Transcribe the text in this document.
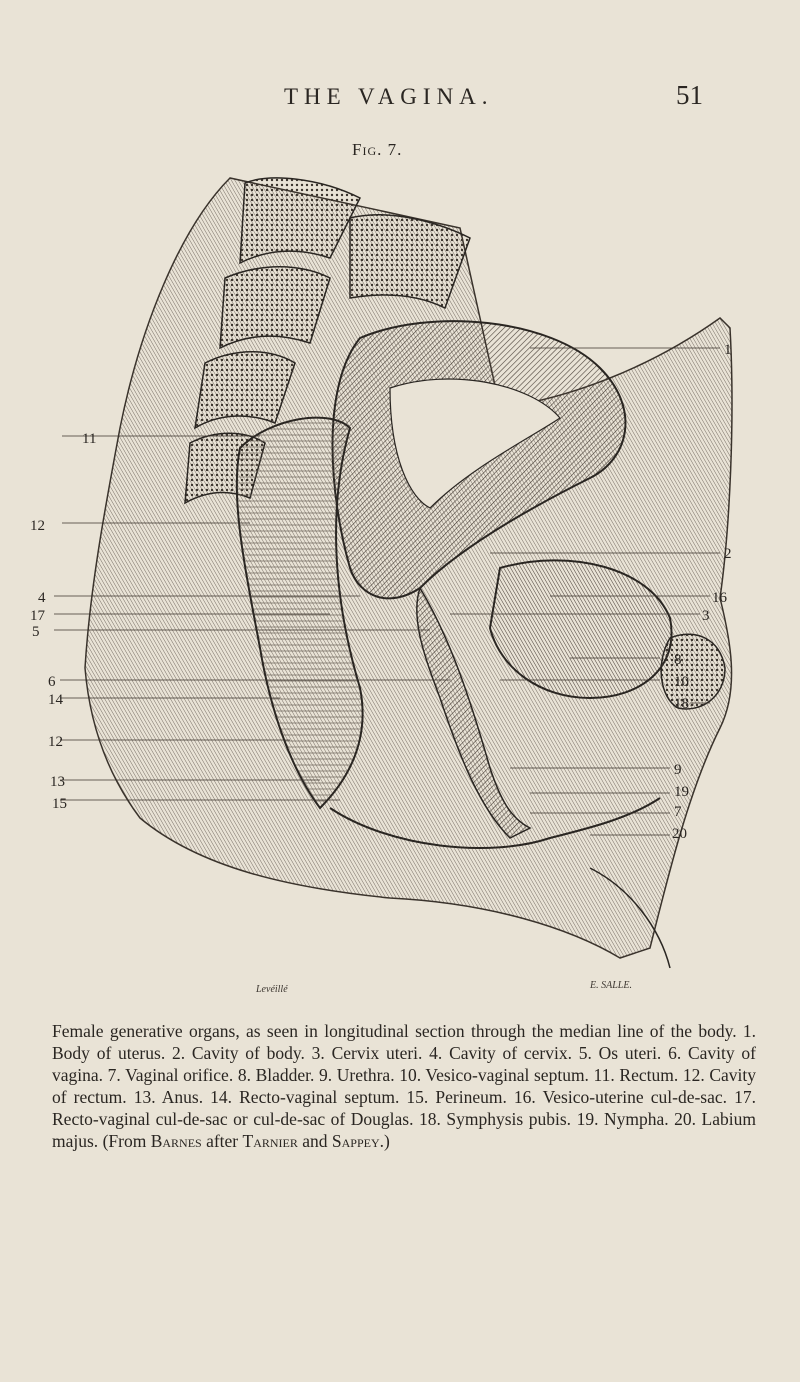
THE VAGINA.	51
Fig. 7.
11
12
4
17
5
6
14
12
13
15
1
2
16
3
8
10
18
9
19
7
20
Levéillé	E. SALLE.
Female generative organs, as seen in longitudinal section through the median line of the body. 1. Body of uterus. 2. Cavity of body. 3. Cervix uteri. 4. Cavity of cervix. 5. Os uteri. 6. Cavity of vagina. 7. Vaginal orifice. 8. Bladder. 9. Urethra. 10. Vesico-vaginal septum. 11. Rectum. 12. Cavity of rectum. 13. Anus. 14. Recto-vaginal septum. 15. Perineum. 16. Vesico-uterine cul-de-sac. 17. Recto-vaginal cul-de-sac or cul-de-sac of Douglas. 18. Symphysis pubis. 19. Nympha. 20. Labium majus. (From Barnes after Tarnier and Sappey.)
